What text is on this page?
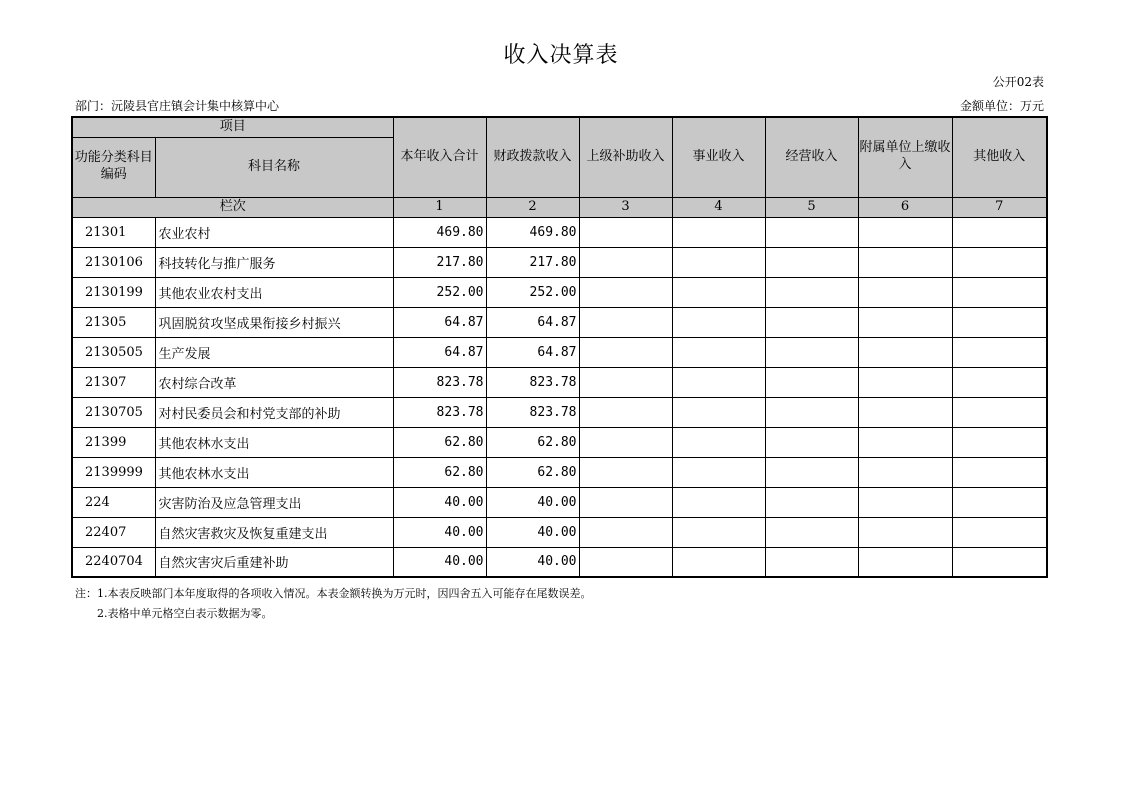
收入决算表
公开02表
部门：沅陵县官庄镇会计集中核算中心	金额单位：万元
项目		本年收入合计	财政拨款收入	上级补助收入	事业收入	经营收入	附属单位上缴收入	其他收入
功能分类科目编码	科目名称							
栏次		1	2	3	4	5	6	7
21301	农业农村	469.80	469.80					
2130106	科技转化与推广服务	217.80	217.80					
2130199	其他农业农村支出	252.00	252.00					
21305	巩固脱贫攻坚成果衔接乡村振兴	64.87	64.87					
2130505	生产发展	64.87	64.87					
21307	农村综合改革	823.78	823.78					
2130705	对村民委员会和村党支部的补助	823.78	823.78					
21399	其他农林水支出	62.80	62.80					
2139999	其他农林水支出	62.80	62.80					
224	灾害防治及应急管理支出	40.00	40.00					
22407	自然灾害救灾及恢复重建支出	40.00	40.00					
2240704	自然灾害灾后重建补助	40.00	40.00					
注：1.本表反映部门本年度取得的各项收入情况。本表金额转换为万元时，因四舍五入可能存在尾数误差。
2.表格中单元格空白表示数据为零。
